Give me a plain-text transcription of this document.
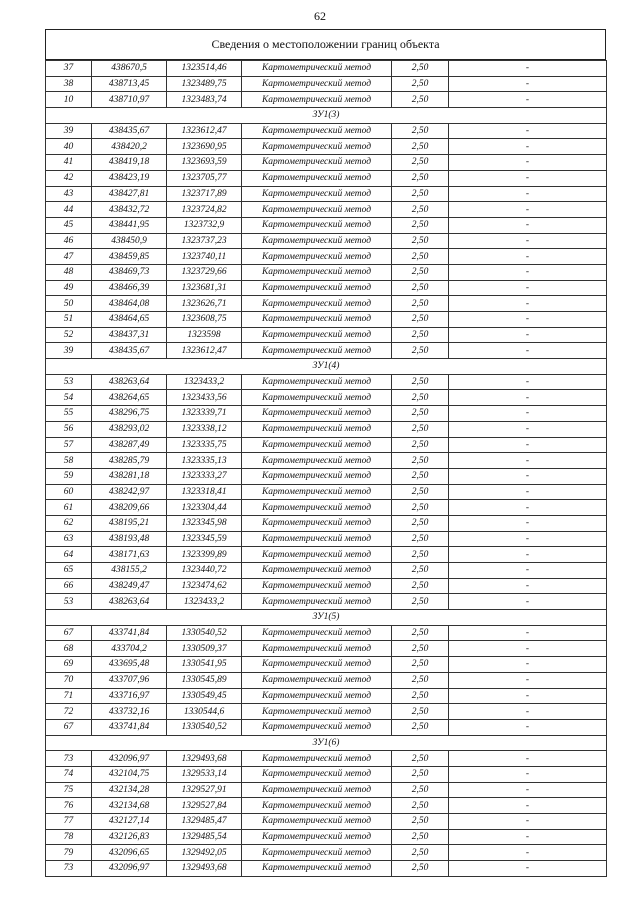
62
Сведения о местоположении границ объекта
37	438670,5	1323514,46	Картометрический метод	2,50	-
38	438713,45	1323489,75	Картометрический метод	2,50	-
10	438710,97	1323483,74	Картометрический метод	2,50	-
ЗУ1(3)					
39	438435,67	1323612,47	Картометрический метод	2,50	-
40	438420,2	1323690,95	Картометрический метод	2,50	-
41	438419,18	1323693,59	Картометрический метод	2,50	-
42	438423,19	1323705,77	Картометрический метод	2,50	-
43	438427,81	1323717,89	Картометрический метод	2,50	-
44	438432,72	1323724,82	Картометрический метод	2,50	-
45	438441,95	1323732,9	Картометрический метод	2,50	-
46	438450,9	1323737,23	Картометрический метод	2,50	-
47	438459,85	1323740,11	Картометрический метод	2,50	-
48	438469,73	1323729,66	Картометрический метод	2,50	-
49	438466,39	1323681,31	Картометрический метод	2,50	-
50	438464,08	1323626,71	Картометрический метод	2,50	-
51	438464,65	1323608,75	Картометрический метод	2,50	-
52	438437,31	1323598	Картометрический метод	2,50	-
39	438435,67	1323612,47	Картометрический метод	2,50	-
ЗУ1(4)					
53	438263,64	1323433,2	Картометрический метод	2,50	-
54	438264,65	1323433,56	Картометрический метод	2,50	-
55	438296,75	1323339,71	Картометрический метод	2,50	-
56	438293,02	1323338,12	Картометрический метод	2,50	-
57	438287,49	1323335,75	Картометрический метод	2,50	-
58	438285,79	1323335,13	Картометрический метод	2,50	-
59	438281,18	1323333,27	Картометрический метод	2,50	-
60	438242,97	1323318,41	Картометрический метод	2,50	-
61	438209,66	1323304,44	Картометрический метод	2,50	-
62	438195,21	1323345,98	Картометрический метод	2,50	-
63	438193,48	1323345,59	Картометрический метод	2,50	-
64	438171,63	1323399,89	Картометрический метод	2,50	-
65	438155,2	1323440,72	Картометрический метод	2,50	-
66	438249,47	1323474,62	Картометрический метод	2,50	-
53	438263,64	1323433,2	Картометрический метод	2,50	-
ЗУ1(5)					
67	433741,84	1330540,52	Картометрический метод	2,50	-
68	433704,2	1330509,37	Картометрический метод	2,50	-
69	433695,48	1330541,95	Картометрический метод	2,50	-
70	433707,96	1330545,89	Картометрический метод	2,50	-
71	433716,97	1330549,45	Картометрический метод	2,50	-
72	433732,16	1330544,6	Картометрический метод	2,50	-
67	433741,84	1330540,52	Картометрический метод	2,50	-
ЗУ1(6)					
73	432096,97	1329493,68	Картометрический метод	2,50	-
74	432104,75	1329533,14	Картометрический метод	2,50	-
75	432134,28	1329527,91	Картометрический метод	2,50	-
76	432134,68	1329527,84	Картометрический метод	2,50	-
77	432127,14	1329485,47	Картометрический метод	2,50	-
78	432126,83	1329485,54	Картометрический метод	2,50	-
79	432096,65	1329492,05	Картометрический метод	2,50	-
73	432096,97	1329493,68	Картометрический метод	2,50	-
